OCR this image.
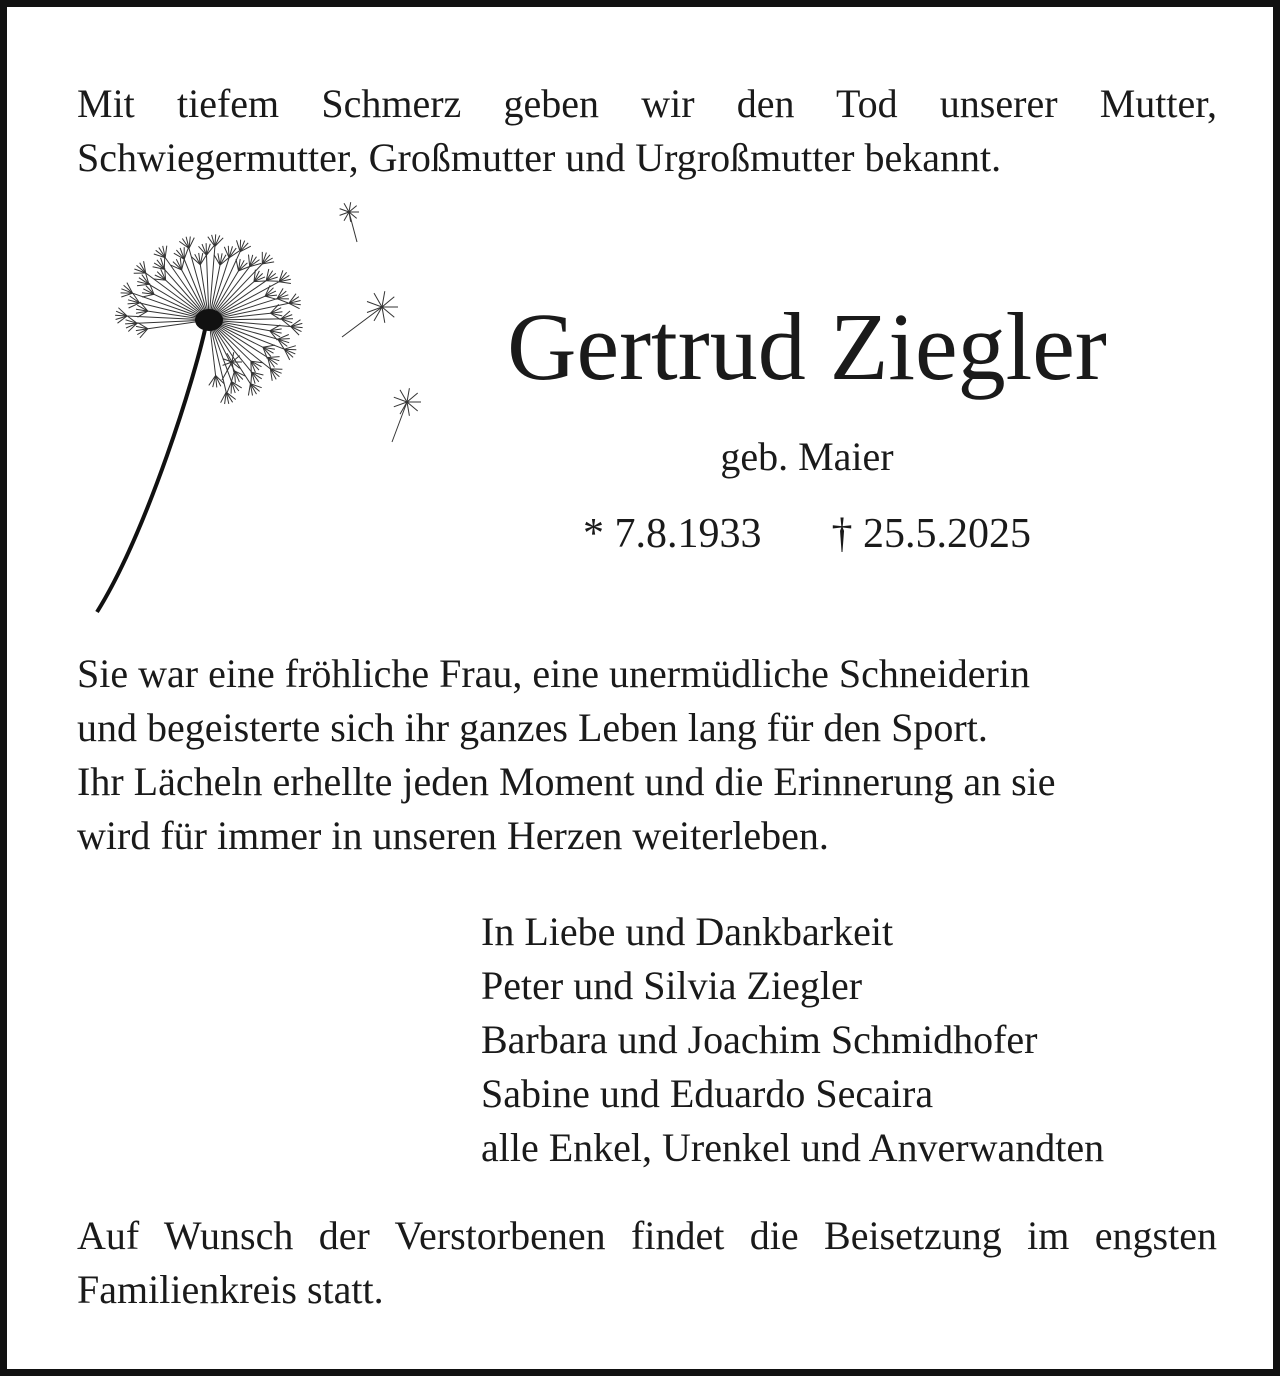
Mit tiefem Schmerz geben wir den Tod unserer Mutter, Schwiegermutter, Großmutter und Urgroßmutter bekannt.

Gertrud Ziegler
geb. Maier
* 7.8.1933 † 25.5.2025

Sie war eine fröhliche Frau, eine unermüdliche Schneiderin
und begeisterte sich ihr ganzes Leben lang für den Sport.
Ihr Lächeln erhellte jeden Moment und die Erinnerung an sie
wird für immer in unseren Herzen weiterleben.

In Liebe und Dankbarkeit
Peter und Silvia Ziegler
Barbara und Joachim Schmidhofer
Sabine und Eduardo Secaira
alle Enkel, Urenkel und Anverwandten

Auf Wunsch der Verstorbenen findet die Beisetzung im engsten Familienkreis statt.
